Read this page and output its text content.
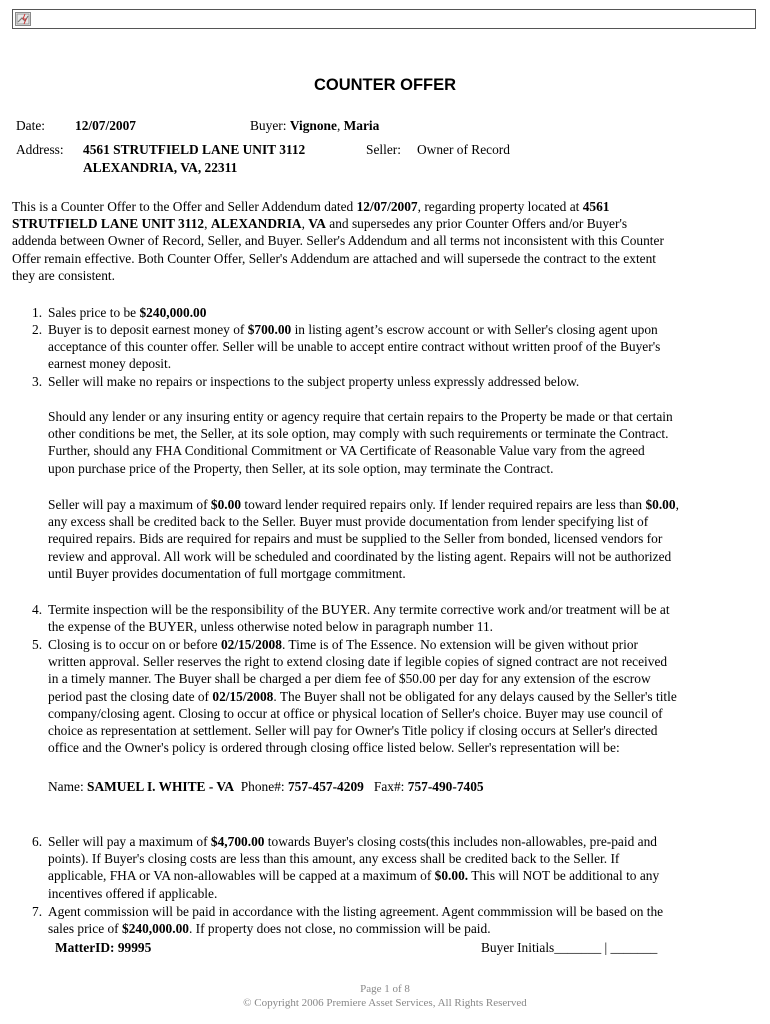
COUNTER OFFER
Date: 12/07/2007	Buyer: Vignone, Maria
Address: 4561 STRUTFIELD LANE UNIT 3112
ALEXANDRIA, VA, 22311
Seller: Owner of Record
This is a Counter Offer to the Offer and Seller Addendum dated 12/07/2007, regarding property located at 4561
STRUTFIELD LANE UNIT 3112, ALEXANDRIA, VA and supersedes any prior Counter Offers and/or Buyer's
addenda between Owner of Record, Seller, and Buyer. Seller's Addendum and all terms not inconsistent with this Counter
Offer remain effective. Both Counter Offer, Seller's Addendum are attached and will supersede the contract to the extent
they are consistent.
1. Sales price to be $240,000.00
2. Buyer is to deposit earnest money of $700.00 in listing agent’s escrow account or with Seller's closing agent upon
acceptance of this counter offer. Seller will be unable to accept entire contract without written proof of the Buyer's
earnest money deposit.
3. Seller will make no repairs or inspections to the subject property unless expressly addressed below.
Should any lender or any insuring entity or agency require that certain repairs to the Property be made or that certain
other conditions be met, the Seller, at its sole option, may comply with such requirements or terminate the Contract.
Further, should any FHA Conditional Commitment or VA Certificate of Reasonable Value vary from the agreed
upon purchase price of the Property, then Seller, at its sole option, may terminate the Contract.
Seller will pay a maximum of $0.00 toward lender required repairs only. If lender required repairs are less than $0.00,
any excess shall be credited back to the Seller. Buyer must provide documentation from lender specifying list of
required repairs. Bids are required for repairs and must be supplied to the Seller from bonded, licensed vendors for
review and approval. All work will be scheduled and coordinated by the listing agent. Repairs will not be authorized
until Buyer provides documentation of full mortgage commitment.
4. Termite inspection will be the responsibility of the BUYER. Any termite corrective work and/or treatment will be at
the expense of the BUYER, unless otherwise noted below in paragraph number 11.
5. Closing is to occur on or before 02/15/2008. Time is of The Essence. No extension will be given without prior
written approval. Seller reserves the right to extend closing date if legible copies of signed contract are not received
in a timely manner. The Buyer shall be charged a per diem fee of $50.00 per day for any extension of the escrow
period past the closing date of 02/15/2008. The Buyer shall not be obligated for any delays caused by the Seller's title
company/closing agent. Closing to occur at office or physical location of Seller's choice. Buyer may use council of
choice as representation at settlement. Seller will pay for Owner's Title policy if closing occurs at Seller's directed
office and the Owner's policy is ordered through closing office listed below. Seller's representation will be:
Name: SAMUEL I. WHITE - VA Phone#: 757-457-4209 Fax#: 757-490-7405
6. Seller will pay a maximum of $4,700.00 towards Buyer's closing costs(this includes non-allowables, pre-paid and
points). If Buyer's closing costs are less than this amount, any excess shall be credited back to the Seller. If
applicable, FHA or VA non-allowables will be capped at a maximum of $0.00. This will NOT be additional to any
incentives offered if applicable.
7. Agent commission will be paid in accordance with the listing agreement. Agent commmission will be based on the
sales price of $240,000.00. If property does not close, no commission will be paid.
MatterID: 99995	Buyer Initials_______ | _______
Page 1 of 8
© Copyright 2006 Premiere Asset Services, All Rights Reserved
